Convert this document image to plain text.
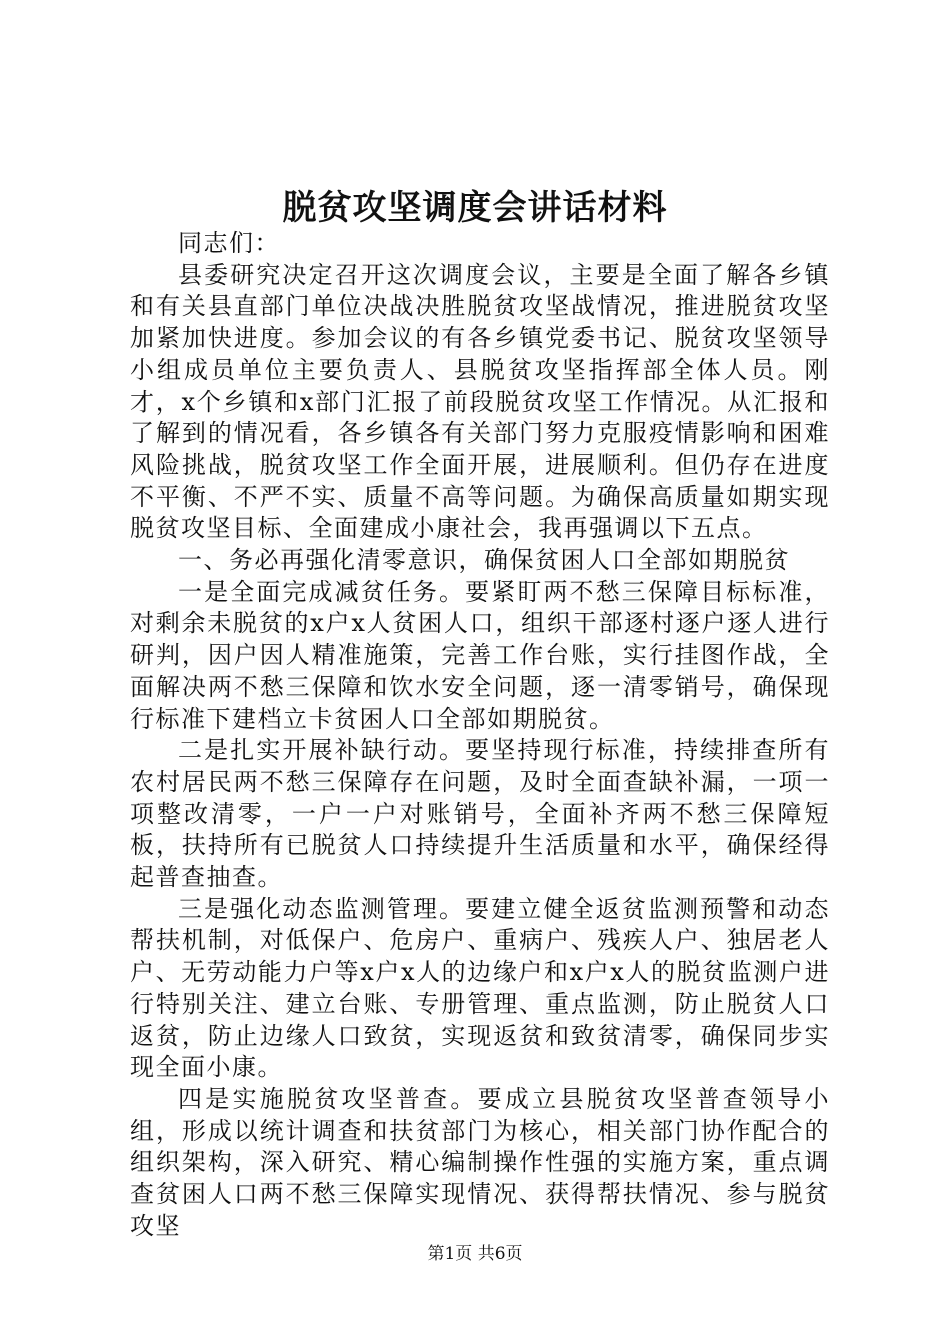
脱贫攻坚调度会讲话材料

同志们：

县委研究决定召开这次调度会议，主要是全面了解各乡镇和有关县直部门单位决战决胜脱贫攻坚战情况，推进脱贫攻坚加紧加快进度。参加会议的有各乡镇党委书记、脱贫攻坚领导小组成员单位主要负责人、县脱贫攻坚指挥部全体人员。刚才，x个乡镇和x部门汇报了前段脱贫攻坚工作情况。从汇报和了解到的情况看，各乡镇各有关部门努力克服疫情影响和困难风险挑战，脱贫攻坚工作全面开展，进展顺利。但仍存在进度不平衡、不严不实、质量不高等问题。为确保高质量如期实现脱贫攻坚目标、全面建成小康社会，我再强调以下五点。

一、务必再强化清零意识，确保贫困人口全部如期脱贫

一是全面完成减贫任务。要紧盯两不愁三保障目标标准，对剩余未脱贫的x户x人贫困人口，组织干部逐村逐户逐人进行研判，因户因人精准施策，完善工作台账，实行挂图作战，全面解决两不愁三保障和饮水安全问题，逐一清零销号，确保现行标准下建档立卡贫困人口全部如期脱贫。

二是扎实开展补缺行动。要坚持现行标准，持续排查所有农村居民两不愁三保障存在问题，及时全面查缺补漏，一项一项整改清零，一户一户对账销号，全面补齐两不愁三保障短板，扶持所有已脱贫人口持续提升生活质量和水平，确保经得起普查抽查。

三是强化动态监测管理。要建立健全返贫监测预警和动态帮扶机制，对低保户、危房户、重病户、残疾人户、独居老人户、无劳动能力户等x户x人的边缘户和x户x人的脱贫监测户进行特别关注、建立台账、专册管理、重点监测，防止脱贫人口返贫，防止边缘人口致贫，实现返贫和致贫清零，确保同步实现全面小康。

四是实施脱贫攻坚普查。要成立县脱贫攻坚普查领导小组，形成以统计调查和扶贫部门为核心，相关部门协作配合的组织架构，深入研究、精心编制操作性强的实施方案，重点调查贫困人口两不愁三保障实现情况、获得帮扶情况、参与脱贫攻坚

第1页 共6页
